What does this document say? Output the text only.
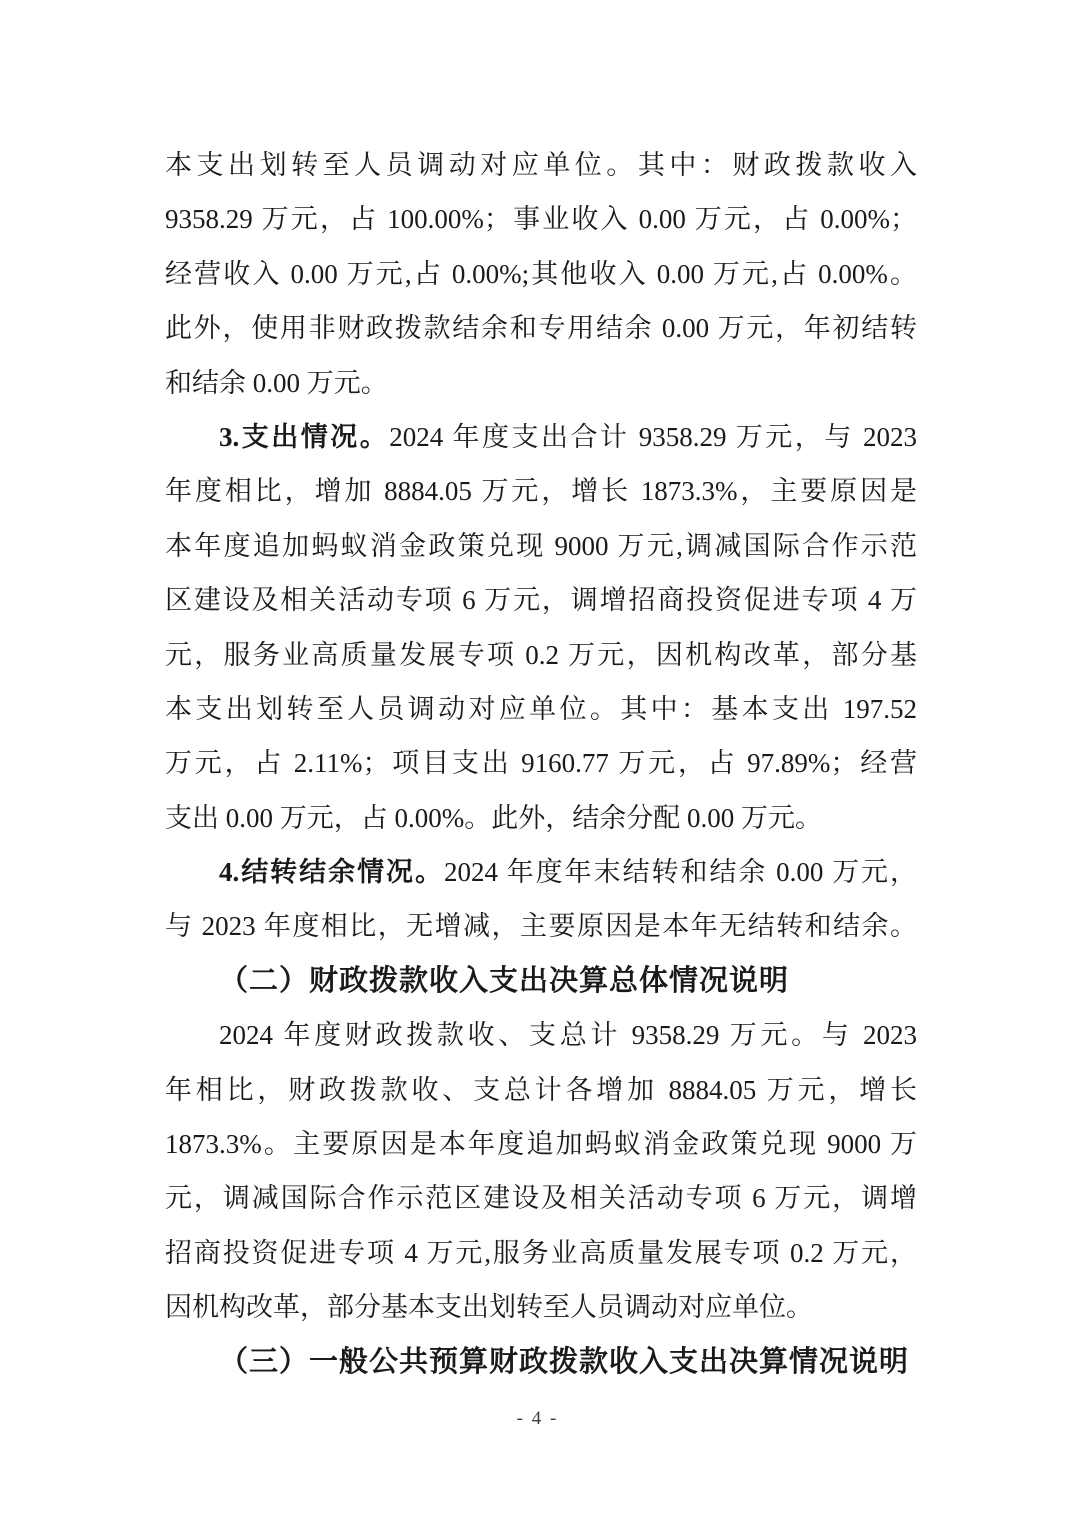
本支出划转至人员调动对应单位。其中：财政拨款收入

9358.29 万元，占 100.00%；事业收入 0.00 万元，占 0.00%；

经营收入 0.00 万元,占 0.00%;其他收入 0.00 万元,占 0.00%。

此外，使用非财政拨款结余和专用结余 0.00 万元，年初结转

和结余 0.00 万元。

3.支出情况。2024 年度支出合计 9358.29 万元，与 2023

年度相比，增加 8884.05 万元，增长 1873.3%，主要原因是

本年度追加蚂蚁消金政策兑现 9000 万元,调减国际合作示范

区建设及相关活动专项 6 万元，调增招商投资促进专项 4 万

元，服务业高质量发展专项 0.2 万元，因机构改革，部分基

本支出划转至人员调动对应单位。其中：基本支出 197.52

万元，占 2.11%；项目支出 9160.77 万元，占 97.89%；经营

支出 0.00 万元，占 0.00%。此外，结余分配 0.00 万元。

4.结转结余情况。2024 年度年末结转和结余 0.00 万元，

与 2023 年度相比，无增减，主要原因是本年无结转和结余。

（二）财政拨款收入支出决算总体情况说明

2024 年度财政拨款收、支总计 9358.29 万元。与 2023

年相比，财政拨款收、支总计各增加 8884.05 万元，增长

1873.3%。主要原因是本年度追加蚂蚁消金政策兑现 9000 万

元，调减国际合作示范区建设及相关活动专项 6 万元，调增

招商投资促进专项 4 万元,服务业高质量发展专项 0.2 万元，

因机构改革，部分基本支出划转至人员调动对应单位。

（三）一般公共预算财政拨款收入支出决算情况说明

- 4 -
